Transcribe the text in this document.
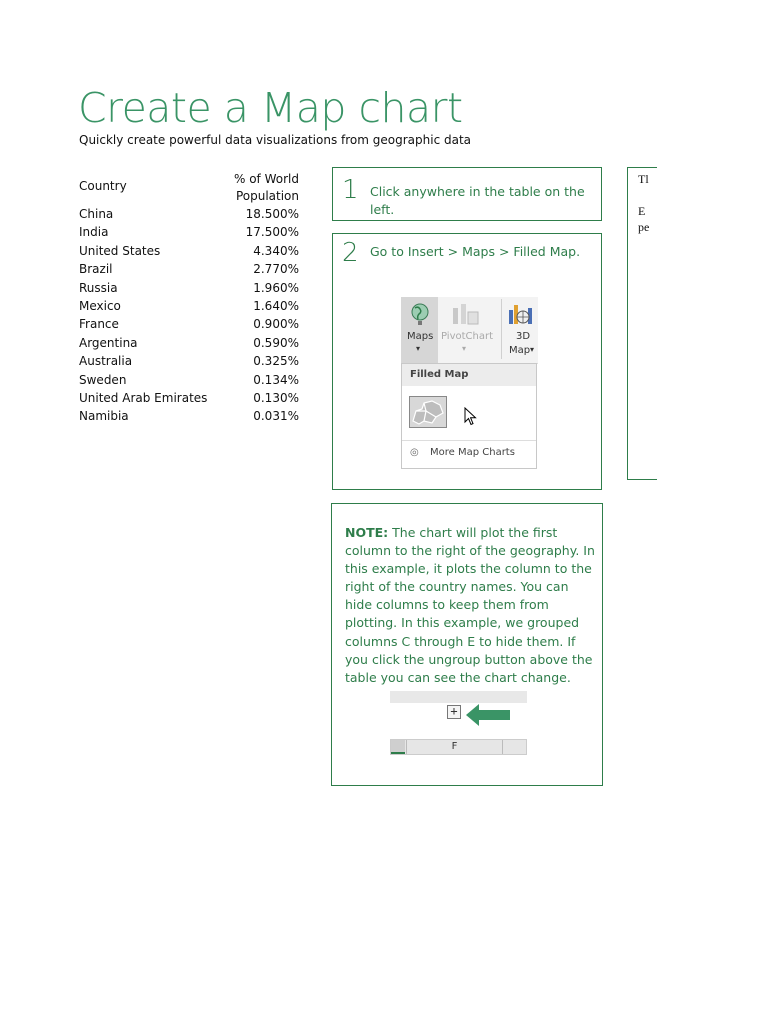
Create a Map chart
Quickly create powerful data visualizations from geographic data
Country	% of World
Population
China	18.500%
India	17.500%
United States	4.340%
Brazil	2.770%
Russia	1.960%
Mexico	1.640%
France	0.900%
Argentina	0.590%
Australia	0.325%
Sweden	0.134%
United Arab Emirates	0.130%
Namibia	0.031%
1 Click anywhere in the table on the
left.
2 Go to Insert > Maps > Filled Map.
Maps
▾
PivotChart
▾
3D
Map ▾
Filled Map
◎ More Map Charts
NOTE: The chart will plot the first column to the right of the geography. In this example, it plots the column to the right of the country names. You can hide columns to keep them from plotting. In this example, we grouped columns C through E to hide them. If you click the ungroup button above the table you can see the chart change.
+
F
Tl
E
pe
